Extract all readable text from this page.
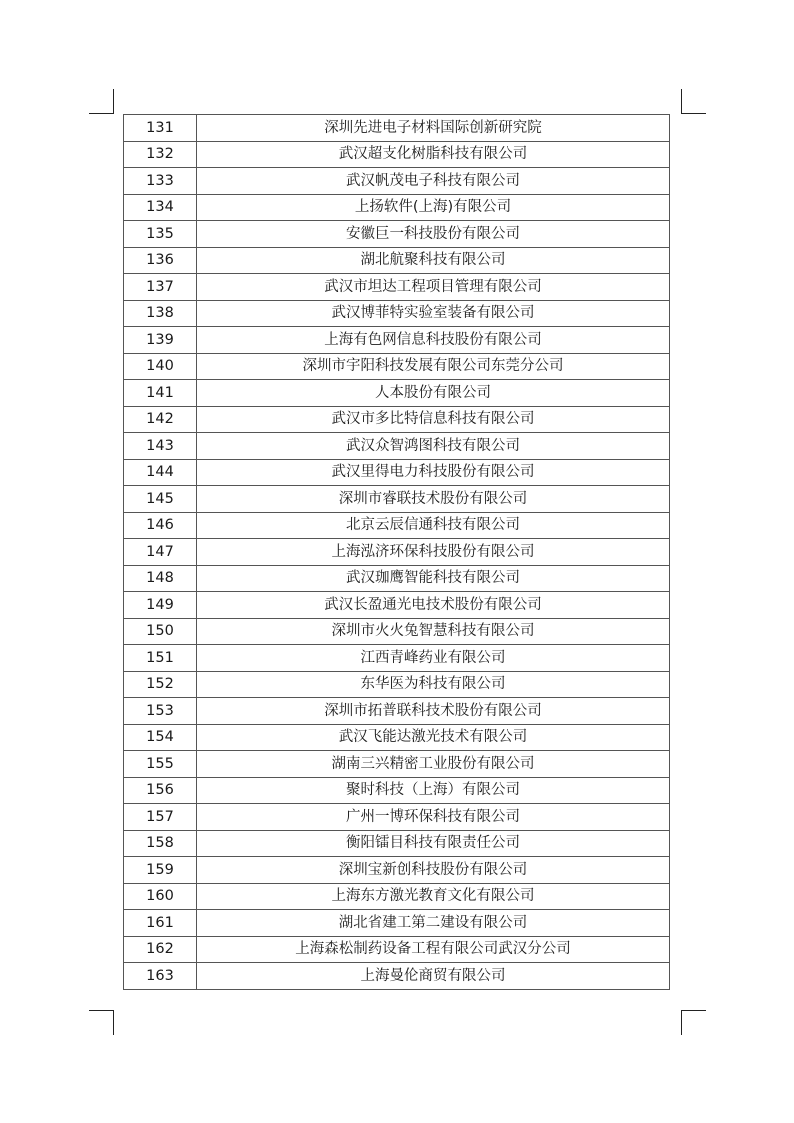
131	深圳先进电子材料国际创新研究院
132	武汉超支化树脂科技有限公司
133	武汉帆茂电子科技有限公司
134	上扬软件(上海)有限公司
135	安徽巨一科技股份有限公司
136	湖北航聚科技有限公司
137	武汉市坦达工程项目管理有限公司
138	武汉博菲特实验室装备有限公司
139	上海有色网信息科技股份有限公司
140	深圳市宇阳科技发展有限公司东莞分公司
141	人本股份有限公司
142	武汉市多比特信息科技有限公司
143	武汉众智鸿图科技有限公司
144	武汉里得电力科技股份有限公司
145	深圳市睿联技术股份有限公司
146	北京云辰信通科技有限公司
147	上海泓济环保科技股份有限公司
148	武汉珈鹰智能科技有限公司
149	武汉长盈通光电技术股份有限公司
150	深圳市火火兔智慧科技有限公司
151	江西青峰药业有限公司
152	东华医为科技有限公司
153	深圳市拓普联科技术股份有限公司
154	武汉飞能达激光技术有限公司
155	湖南三兴精密工业股份有限公司
156	聚时科技（上海）有限公司
157	广州一博环保科技有限公司
158	衡阳镭目科技有限责任公司
159	深圳宝新创科技股份有限公司
160	上海东方激光教育文化有限公司
161	湖北省建工第二建设有限公司
162	上海森松制药设备工程有限公司武汉分公司
163	上海曼伦商贸有限公司
